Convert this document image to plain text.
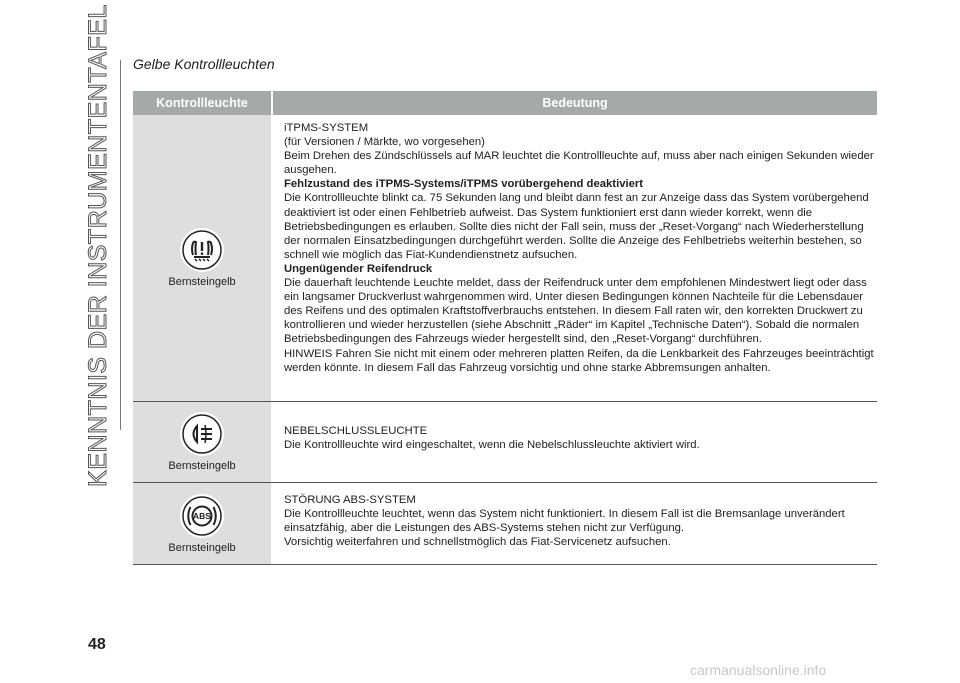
KENNTNIS DER INSTRUMENTENTAFEL Gelbe Kontrollleuchten
Kontrollleuchte	Bedeutung
Bernsteingelb
iTPMS-SYSTEM
(für Versionen / Märkte, wo vorgesehen)
Beim Drehen des Zündschlüssels auf MAR leuchtet die Kontrollleuchte auf, muss aber nach einigen Sekunden wieder ausgehen.
Fehlzustand des iTPMS-Systems/iTPMS vorübergehend deaktiviert
Die Kontrollleuchte blinkt ca. 75 Sekunden lang und bleibt dann fest an zur Anzeige dass das System vorübergehend deaktiviert ist oder einen Fehlbetrieb aufweist. Das System funktioniert erst dann wieder korrekt, wenn die Betriebsbedingungen es erlauben. Sollte dies nicht der Fall sein, muss der „Reset-Vorgang“ nach Wiederherstellung der normalen Einsatzbedingungen durchgeführt werden. Sollte die Anzeige des Fehlbetriebs weiterhin bestehen, so schnell wie möglich das Fiat-Kundendienstnetz aufsuchen.
Ungenügender Reifendruck
Die dauerhaft leuchtende Leuchte meldet, dass der Reifendruck unter dem empfohlenen Mindestwert liegt oder dass ein langsamer Druckverlust wahrgenommen wird. Unter diesen Bedingungen können Nachteile für die Lebensdauer des Reifens und des optimalen Kraftstoffverbrauchs entstehen. In diesem Fall raten wir, den korrekten Druckwert zu kontrollieren und wieder herzustellen (siehe Abschnitt „Räder“ im Kapitel „Technische Daten“). Sobald die normalen Betriebsbedingungen des Fahrzeugs wieder hergestellt sind, den „Reset-Vorgang“ durchführen.
HINWEIS Fahren Sie nicht mit einem oder mehreren platten Reifen, da die Lenkbarkeit des Fahrzeuges beeinträchtigt werden könnte. In diesem Fall das Fahrzeug vorsichtig und ohne starke Abbremsungen anhalten.
Bernsteingelb
NEBELSCHLUSSLEUCHTE
Die Kontrollleuchte wird eingeschaltet, wenn die Nebelschlussleuchte aktiviert wird.
ABS
Bernsteingelb
STÖRUNG ABS-SYSTEM
Die Kontrollleuchte leuchtet, wenn das System nicht funktioniert. In diesem Fall ist die Bremsanlage unverändert einsatzfähig, aber die Leistungen des ABS-Systems stehen nicht zur Verfügung.
Vorsichtig weiterfahren und schnellstmöglich das Fiat-Servicenetz aufsuchen.
48
carmanualsonline.info
